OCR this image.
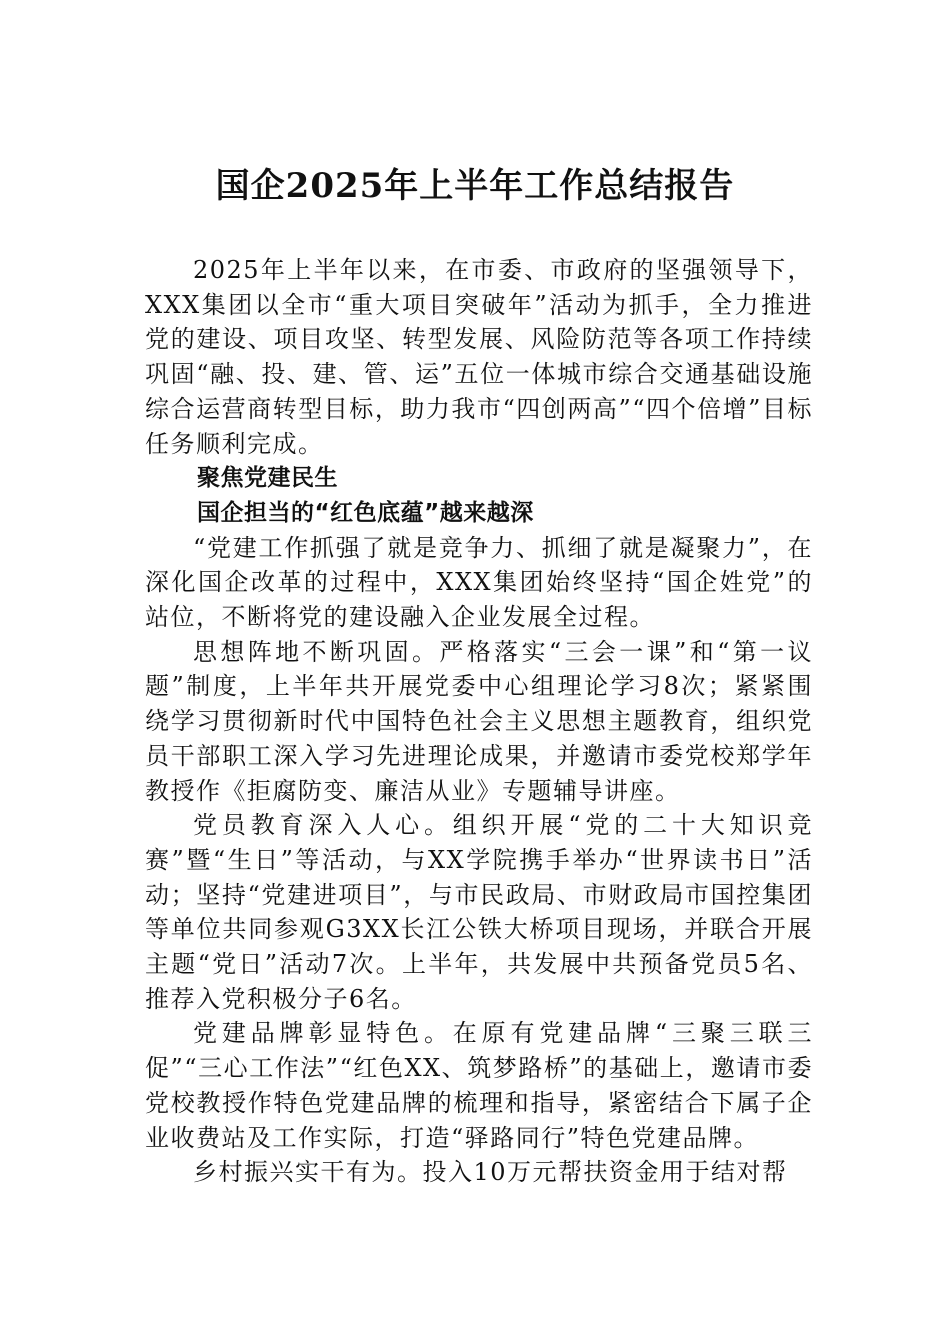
国企2025年上半年工作总结报告

2025年上半年以来，在市委、市政府的坚强领导下，XXX集团以全市“重大项目突破年”活动为抓手，全力推进党的建设、项目攻坚、转型发展、风险防范等各项工作持续巩固“融、投、建、管、运”五位一体城市综合交通基础设施综合运营商转型目标，助力我市“四创两高”“四个倍增”目标任务顺利完成。

聚焦党建民生

国企担当的“红色底蕴”越来越深

“党建工作抓强了就是竞争力、抓细了就是凝聚力”，在深化国企改革的过程中，XXX集团始终坚持“国企姓党”的站位，不断将党的建设融入企业发展全过程。

思想阵地不断巩固。严格落实“三会一课”和“第一议题”制度，上半年共开展党委中心组理论学习8次；紧紧围绕学习贯彻新时代中国特色社会主义思想主题教育，组织党员干部职工深入学习先进理论成果，并邀请市委党校郑学年教授作《拒腐防变、廉洁从业》专题辅导讲座。

党员教育深入人心。组织开展“党的二十大知识竞赛”暨“生日”等活动，与XX学院携手举办“世界读书日”活动；坚持“党建进项目”，与市民政局、市财政局市国控集团等单位共同参观G3XX长江公铁大桥项目现场，并联合开展主题“党日”活动7次。上半年，共发展中共预备党员5名、推荐入党积极分子6名。

党建品牌彰显特色。在原有党建品牌“三聚三联三促”“三心工作法”“红色XX、筑梦路桥”的基础上，邀请市委党校教授作特色党建品牌的梳理和指导，紧密结合下属子企业收费站及工作实际，打造“驿路同行”特色党建品牌。

乡村振兴实干有为。投入10万元帮扶资金用于结对帮
